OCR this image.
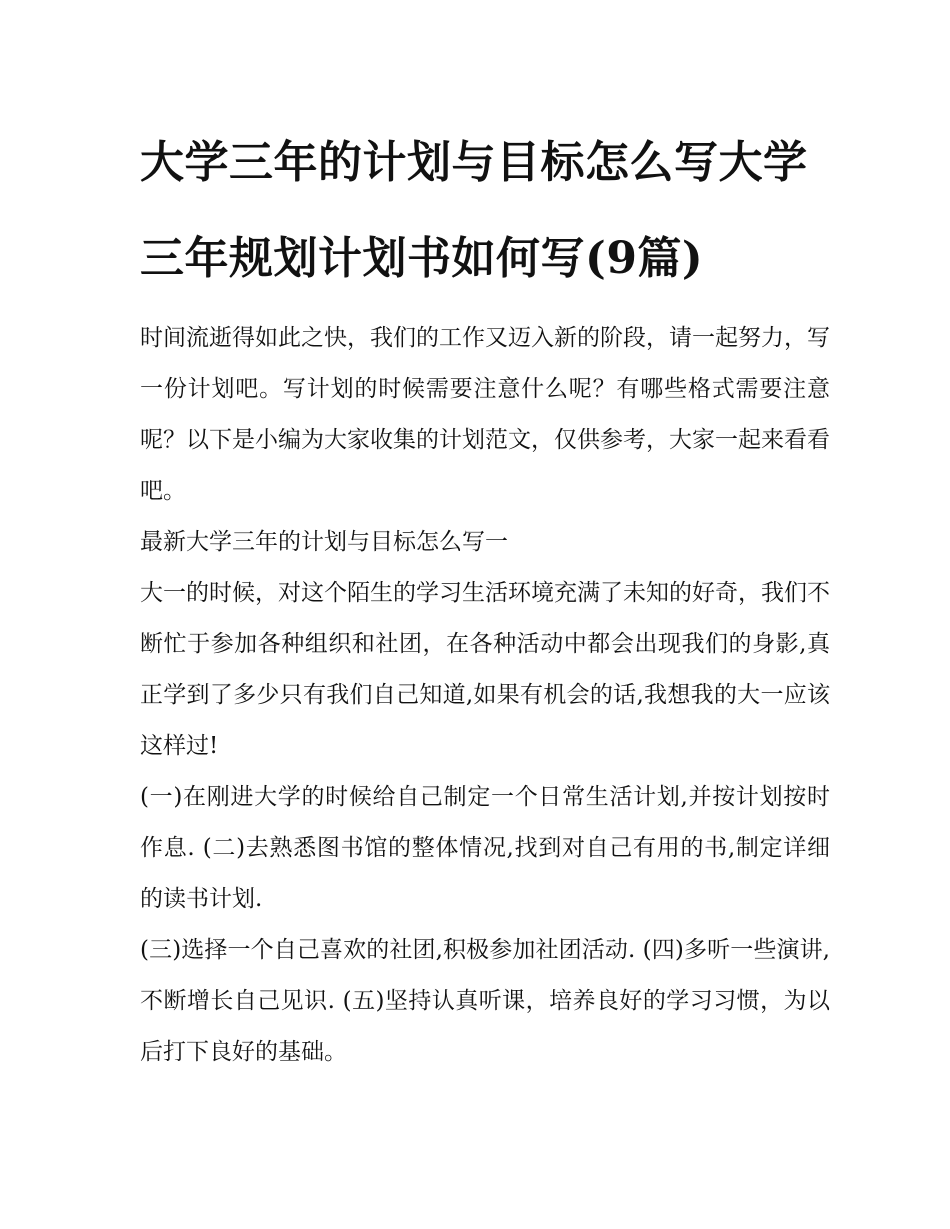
大学三年的计划与目标怎么写大学三年规划计划书如何写(9篇)

时间流逝得如此之快，我们的工作又迈入新的阶段，请一起努力，写一份计划吧。写计划的时候需要注意什么呢？有哪些格式需要注意呢？以下是小编为大家收集的计划范文，仅供参考，大家一起来看看吧。

最新大学三年的计划与目标怎么写一

大一的时候，对这个陌生的学习生活环境充满了未知的好奇，我们不断忙于参加各种组织和社团，在各种活动中都会出现我们的身影,真正学到了多少只有我们自己知道,如果有机会的话,我想我的大一应该这样过!

(一)在刚进大学的时候给自己制定一个日常生活计划,并按计划按时作息. (二)去熟悉图书馆的整体情况,找到对自己有用的书,制定详细的读书计划.

(三)选择一个自己喜欢的社团,积极参加社团活动. (四)多听一些演讲,不断增长自己见识. (五)坚持认真听课，培养良好的学习习惯，为以后打下良好的基础。
